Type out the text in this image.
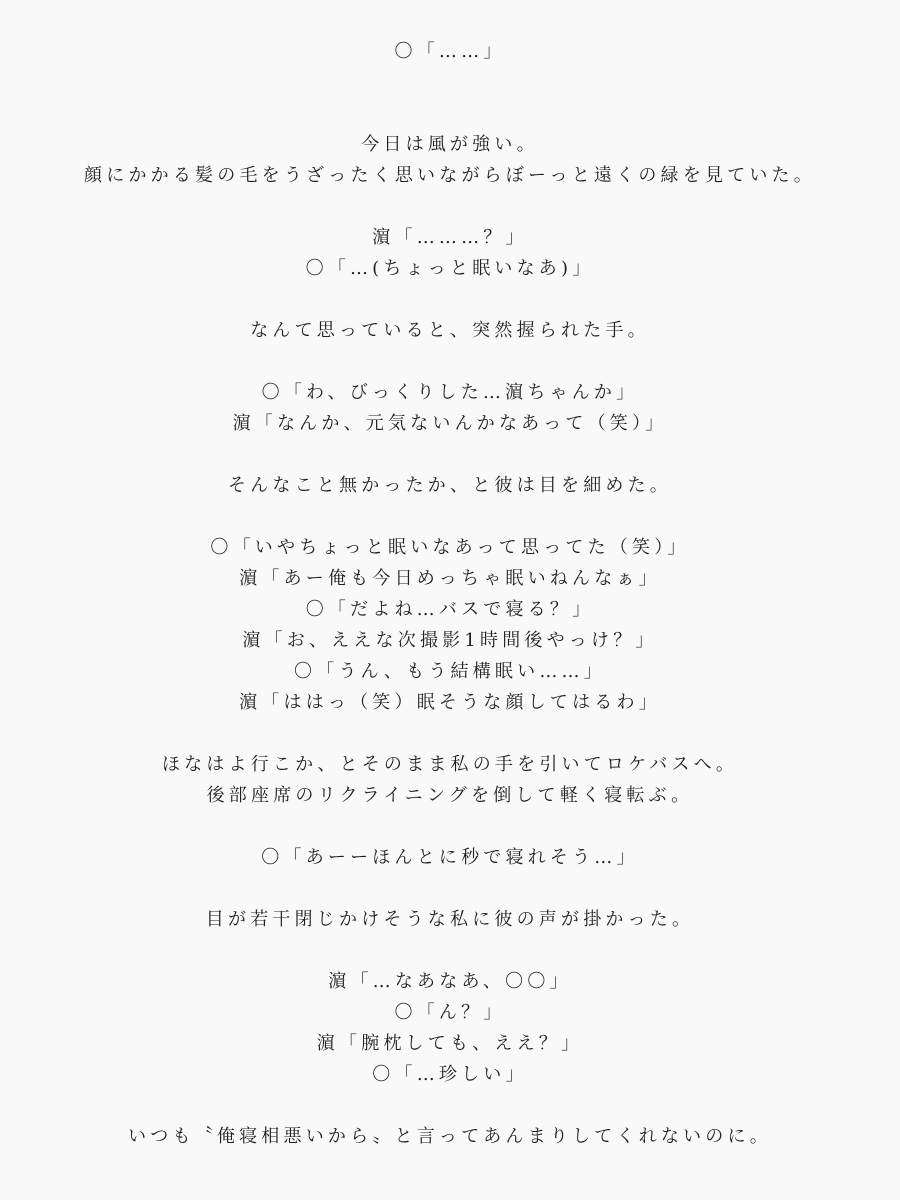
〇「……」
今日は風が強い。
顔にかかる髪の毛をうざったく思いながらぼーっと遠くの緑を見ていた。
濵「………？」
〇「…(ちょっと眠いなあ)」
なんて思っていると、突然握られた手。
〇「わ、びっくりした…濵ちゃんか」
濵「なんか、元気ないんかなあって（笑）」
そんなこと無かったか、と彼は目を細めた。
〇「いやちょっと眠いなあって思ってた（笑）」
濵「あー俺も今日めっちゃ眠いねんなぁ」
〇「だよね…バスで寝る？」
濵「お、ええな次撮影1時間後やっけ？」
〇「うん、もう結構眠い……」
濵「ははっ（笑）眠そうな顔してはるわ」
ほなはよ行こか、とそのまま私の手を引いてロケバスへ。
後部座席のリクライニングを倒して軽く寝転ぶ。
〇「あーーほんとに秒で寝れそう…」
目が若干閉じかけそうな私に彼の声が掛かった。
濵「…なあなあ、〇〇」
〇「ん？」
濵「腕枕しても、ええ？」
〇「…珍しい」
いつも〝俺寝相悪いから〟と言ってあんまりしてくれないのに。
